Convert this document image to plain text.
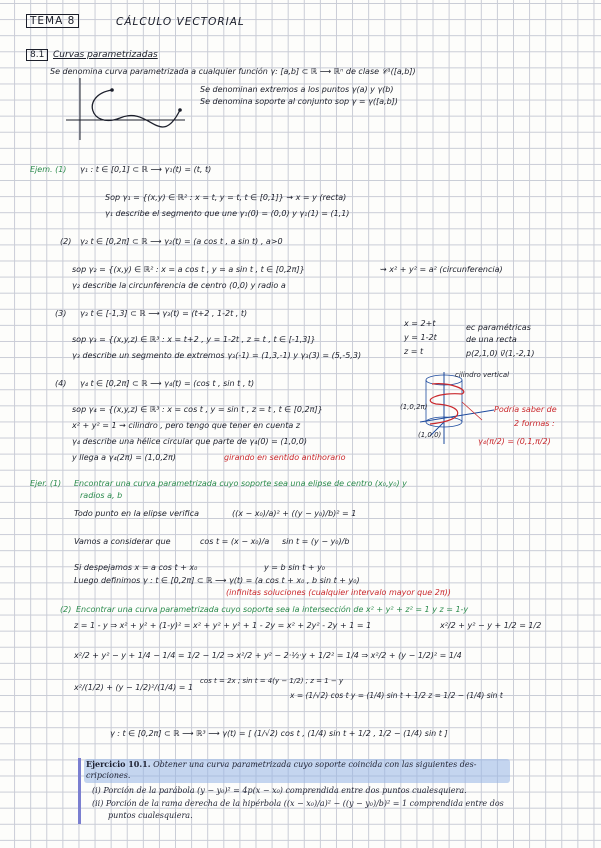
TEMA 8	CÁLCULO VECTORIAL
8.1 Curvas parametrizadas
Se denomina curva parametrizada a cualquier función γ: [a,b] ⊂ ℝ ⟶ ℝⁿ de clase 𝒞¹([a,b])
Se denominan extremos a los puntos γ(a) y γ(b)
Se denomina soporte al conjunto sop γ = γ([a,b])
Ejem. (1) γ₁ : t ∈ [0,1] ⊂ ℝ ⟶ γ₁(t) = (t, t)
Sop γ₁ = {(x,y) ∈ ℝ² : x = t, y = t, t ∈ [0,1]} ⇝ x = y (recta)
γ₁ describe el segmento que une γ₁(0) = (0,0) y γ₁(1) = (1,1)
(2) γ₂ t ∈ [0,2π] ⊂ ℝ ⟶ γ₂(t) = (a cos t , a sin t) , a>0
sop γ₂ = {(x,y) ∈ ℝ² : x = a cos t , y = a sin t , t ∈ [0,2π]}	⇝ x² + y² = a² (circunferencia)
γ₂ describe la circunferencia de centro (0,0) y radio a
(3) γ₃ t ∈ [-1,3] ⊂ ℝ ⟶ γ₃(t) = (t+2 , 1-2t , t)
sop γ₃ = {(x,y,z) ∈ ℝ³ : x = t+2 , y = 1-2t , z = t , t ∈ [-1,3]}
γ₃ describe un segmento de extremos γ₃(-1) = (1,3,-1) y γ₃(3) = (5,-5,3)
x = 2+t
y = 1-2t
z = t
ec paramétricas
de una recta
p(2,1,0) v⃗(1,-2,1)
(4) γ₄ t ∈ [0,2π] ⊂ ℝ ⟶ γ₄(t) = (cos t , sin t , t)
sop γ₄ = {(x,y,z) ∈ ℝ³ : x = cos t , y = sin t , z = t , t ∈ [0,2π]}
x² + y² = 1 ⇝ cilindro , pero tengo que tener en cuenta z
γ₄ describe una hélice circular que parte de γ₄(0) = (1,0,0)
y llega a γ₄(2π) = (1,0,2π)	girando en sentido antihorario
cilindro vertical
(1,0,2π)
(1,0,0)
Podría saber de
2 formas :
γ₄(π/2) = (0,1,π/2)
Ejer. (1) Encontrar una curva parametrizada cuyo soporte sea una elipse de centro (x₀,y₀) y
radios a, b
Todo punto en la elipse verifica	((x − x₀)/a)² + ((y − y₀)/b)² = 1
Vamos a considerar que	cos t = (x − x₀)/a sin t = (y − y₀)/b
Si despejamos x = a cos t + x₀	y = b sin t + y₀
Luego definimos γ : t ∈ [0,2π] ⊂ ℝ ⟶ γ(t) = (a cos t + x₀ , b sin t + y₀)
(infinitas soluciones (cualquier intervalo mayor que 2π))
(2) Encontrar una curva parametrizada cuyo soporte sea la intersección de x² + y² + z² = 1 y z = 1-y
z = 1 - y ⇒ x² + y² + (1-y)² = x² + y² + y² + 1 - 2y = x² + 2y² - 2y + 1 = 1	x²/2 + y² − y + 1/2 = 1/2
x²/2 + y² − y + 1/4 − 1/4 = 1/2 − 1/2 ⇒ x²/2 + y² − 2·½·y + 1/2² = 1/4 ⇒ x²/2 + (y − 1/2)² = 1/4
x²/(1/2) + (y − 1/2)²/(1/4) = 1
cos t = 2x ; sin t = 4(y − 1/2) ; z = 1 − y
x = (1/√2) cos t y = (1/4) sin t + 1/2 z = 1/2 − (1/4) sin t
γ : t ∈ [0,2π] ⊂ ℝ ⟶ ℝ³ ⟶ γ(t) = [ (1/√2) cos t , (1/4) sin t + 1/2 , 1/2 − (1/4) sin t ]
Ejercicio 10.1. Obtener una curva parametrizada cuyo soporte coincida con las siguientes des-
cripciones.
(i) Porción de la parábola (y − y₀)² = 4p(x − x₀) comprendida entre dos puntos cualesquiera.
(ii) Porción de la rama derecha de la hipérbola ((x − x₀)/a)² − ((y − y₀)/b)² = 1 comprendida entre dos
puntos cualesquiera.
